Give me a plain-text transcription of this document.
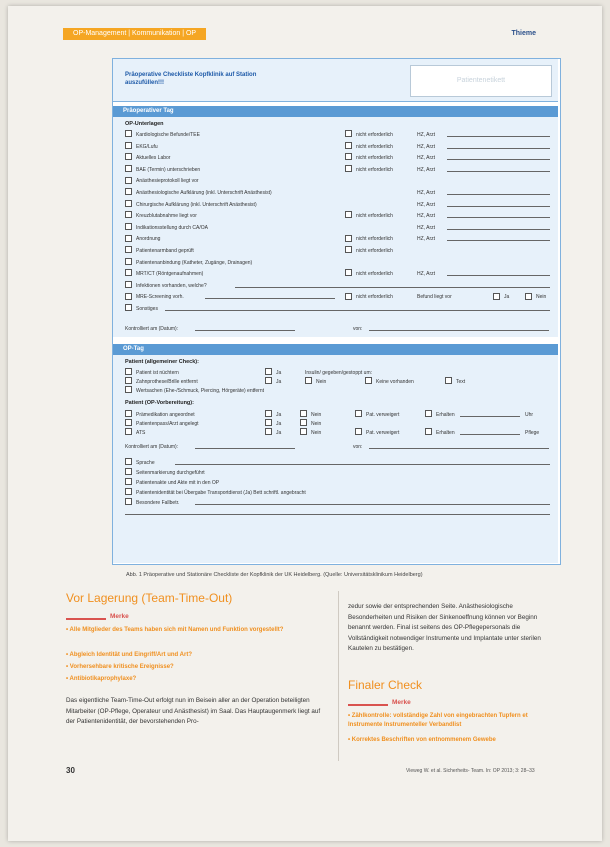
OP-Management | Kommunikation | OP	Thieme
Präoperative Checkliste Kopfklinik auf Station auszufüllen!!!	Patientenetikett
Präoperativer Tag
OP-Unterlagen
Kardiologische Befunde/TEE	nicht erforderlich	HZ, Arzt
EKG/Lufu	nicht erforderlich	HZ, Arzt
Aktuelles Labor	nicht erforderlich	HZ, Arzt
BAE (Termin) unterschrieben	nicht erforderlich	HZ, Arzt
Anästhesieprotokoll liegt vor
Anästhesiologische Aufklärung (inkl. Unterschrift Anästhesist)	HZ, Arzt
Chirurgische Aufklärung (inkl. Unterschrift Anästhesist)	HZ, Arzt
Kreuzblutabnahme liegt vor	nicht erforderlich	HZ, Arzt
Indikationsstellung durch CA/OA	HZ, Arzt
Anordnung	nicht erforderlich	HZ, Arzt
Patientenarmband geprüft	nicht erforderlich
Patientenanbindung (Katheter, Zugänge, Drainagen)
MRT/CT (Röntgenaufnahmen)	nicht erforderlich	HZ, Arzt
Infektionen vorhanden, welche?
MRE-Screening vorh.	nicht erforderlich	Befund liegt vor	Ja	Nein
Sonstiges
Kontrolliert am (Datum):	von:
OP-Tag
Patient (allgemeiner Check):
Patient ist nüchtern	Ja	Insulin/ gegeben/gestoppt um:
Zahnprothese/Brille entfernt	Ja	Nein	Keine vorhanden	Text
Wertsachen (Ehe-/Schmuck, Piercing, Hörgeräte) entfernt
Patient (OP-Vorbereitung):
Prämedikation angeordnet	Ja	Nein	Pat. verweigert	Erhalten	Uhr
Patientenpass/Arzt angelegt	Ja	Nein
ATS	Ja	Nein	Pat. verweigert	Erhalten	Pflege
Kontrolliert am (Datum):	von:
Sprache
Seitenmarkierung durchgeführt
Patientenakte und Akte mit in den OP
Patientenidentität bei Übergabe Transportdienst (Ja) Bett schriftl. angebracht
Besondere Fallbetr.
Abb. 1 Präoperative und Stationäre Checkliste der Kopfklinik der UK Heidelberg. (Quelle: Universitätsklinikum Heidelberg)
Vor Lagerung (Team-Time-Out)
Merke
• Alle Mitglieder des Teams haben sich mit Namen und Funktion vorgestellt?
• Abgleich Identität und Eingriff/Art und Art?
• Vorhersehbare kritische Ereignisse?
• Antibiotikaprophylaxe?
Das eigentliche Team-Time-Out erfolgt nun im Beisein aller an der Operation beteiligten Mitarbeiter (OP-Pflege, Operateur und Anästhesist) im Saal. Das Hauptaugenmerk liegt auf der Patientenidentität, der bevorstehenden Pro-
zedur sowie der entsprechenden Seite. Anästhesiologische Besonderheiten und Risiken der Sinkenoeffnung können vor Beginn benannt werden. Final ist seitens des OP-Pflegepersonals die Vollständigkeit notwendiger Instrumente und Implantate unter sterilen Kautelen zu bestätigen.
Finaler Check
Merke
• Zählkontrolle: vollständige Zahl von eingebrachten Tupfern et Instrumente Instrumenteller Verbandlist
• Korrektes Beschriften von entnommenem Gewebe
Vieweg W. et al. Sicherheits- Team. In: OP 2013; 3: 28–33
30
